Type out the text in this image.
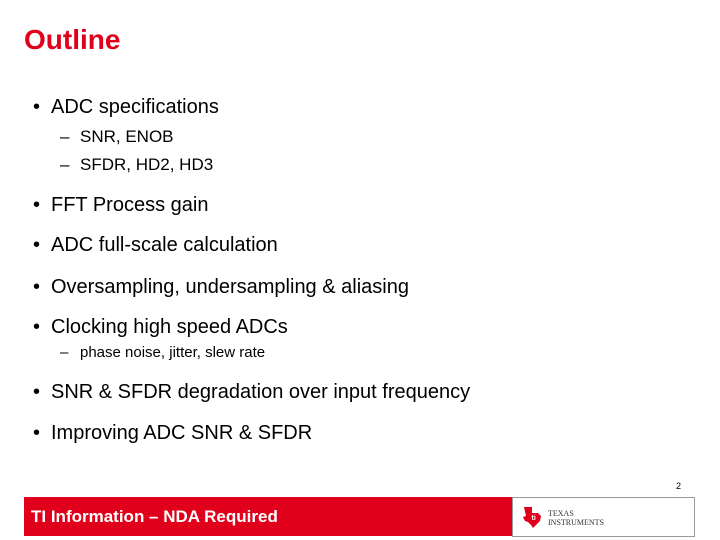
Outline
• ADC specifications
– SNR, ENOB
– SFDR, HD2, HD3
• FFT Process gain
• ADC full-scale calculation
• Oversampling, undersampling & aliasing
• Clocking high speed ADCs
– phase noise, jitter, slew rate
• SNR & SFDR degradation over input frequency
• Improving ADC SNR & SFDR
2
TI Information – NDA Required	ti
TEXAS
INSTRUMENTS
